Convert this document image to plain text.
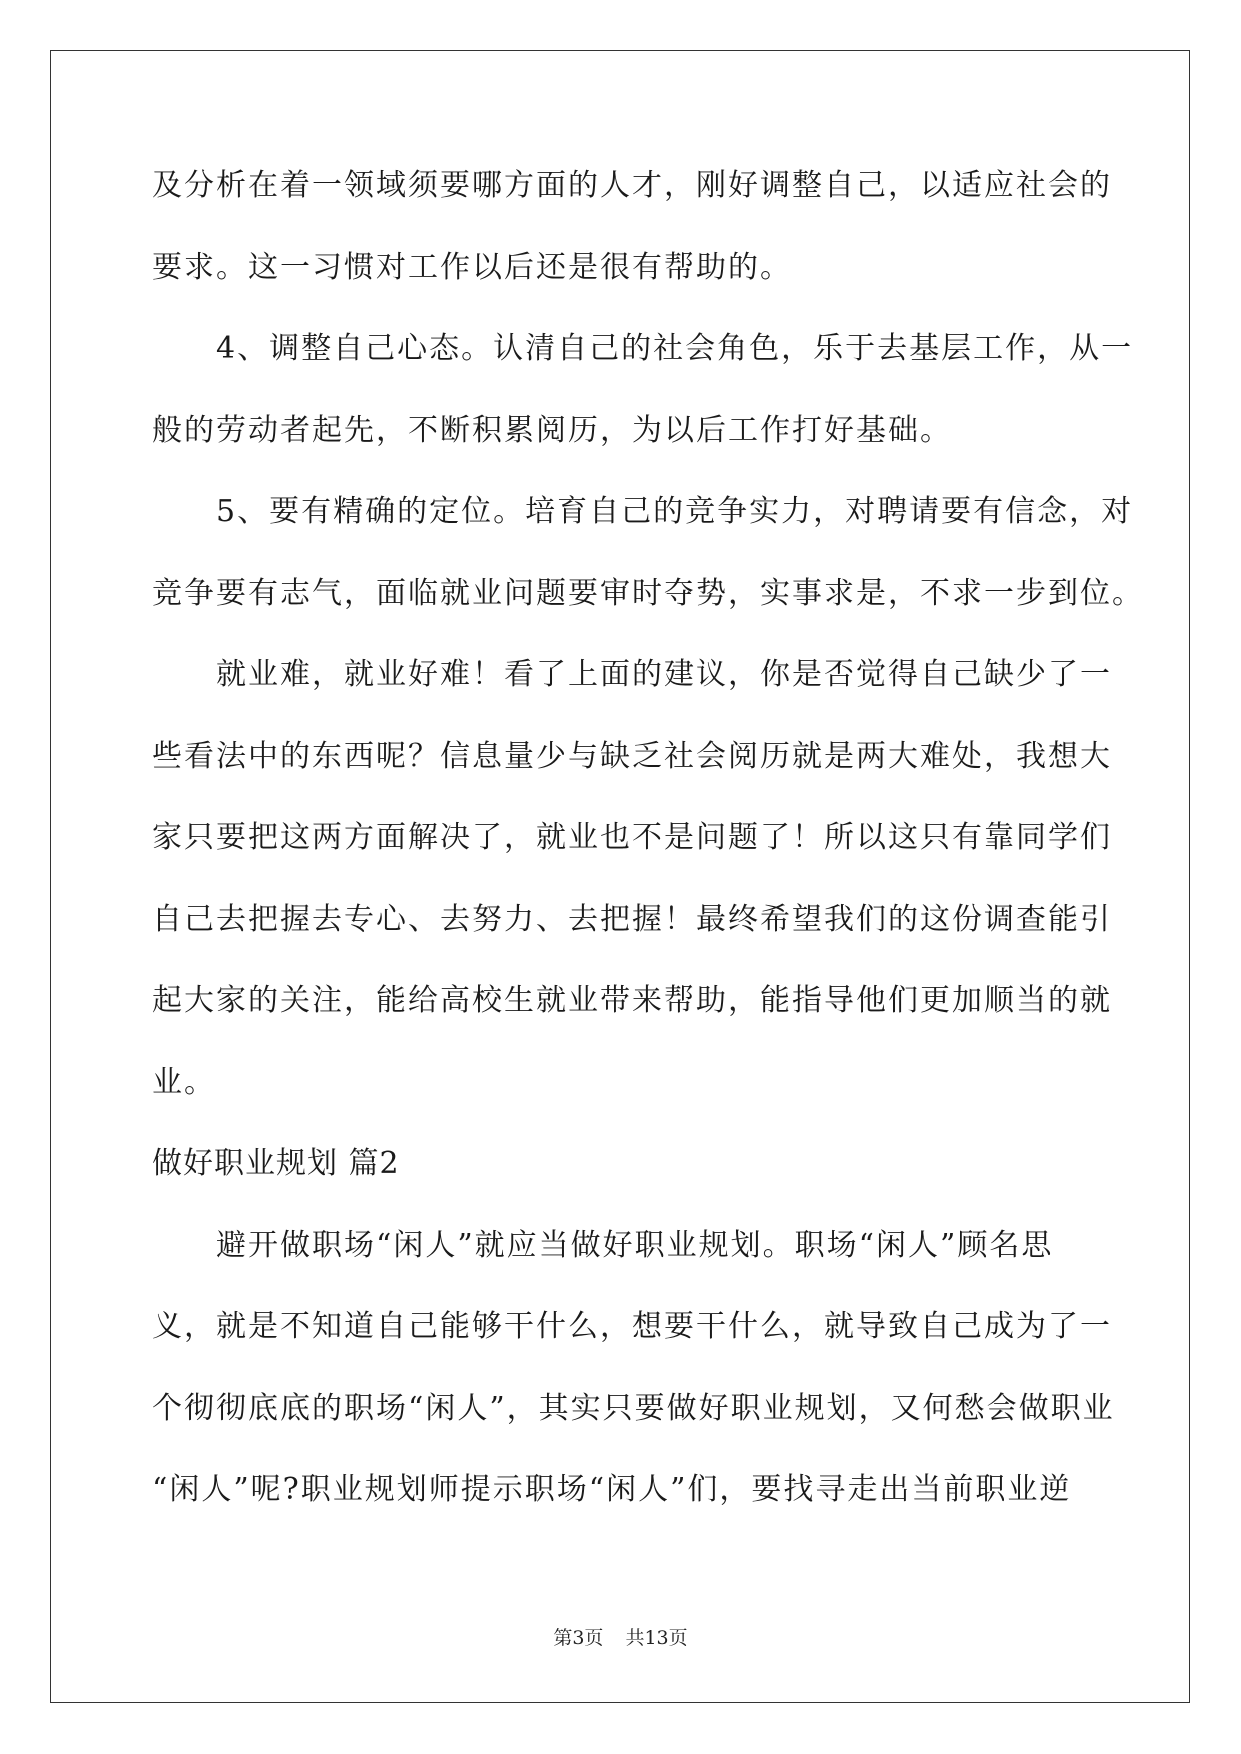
及分析在着一领域须要哪方面的人才，刚好调整自己，以适应社会的
要求。这一习惯对工作以后还是很有帮助的。
4、调整自己心态。认清自己的社会角色，乐于去基层工作，从一
般的劳动者起先，不断积累阅历，为以后工作打好基础。
5、要有精确的定位。培育自己的竞争实力，对聘请要有信念，对
竞争要有志气，面临就业问题要审时夺势，实事求是，不求一步到位。
就业难，就业好难！看了上面的建议，你是否觉得自己缺少了一
些看法中的东西呢？信息量少与缺乏社会阅历就是两大难处，我想大
家只要把这两方面解决了，就业也不是问题了！所以这只有靠同学们
自己去把握去专心、去努力、去把握！最终希望我们的这份调查能引
起大家的关注，能给高校生就业带来帮助，能指导他们更加顺当的就
业。
做好职业规划 篇2
避开做职场“闲人”就应当做好职业规划。职场“闲人”顾名思
义，就是不知道自己能够干什么，想要干什么，就导致自己成为了一
个彻彻底底的职场“闲人”，其实只要做好职业规划，又何愁会做职业
“闲人”呢?职业规划师提示职场“闲人”们，要找寻走出当前职业逆
第3页 共13页
